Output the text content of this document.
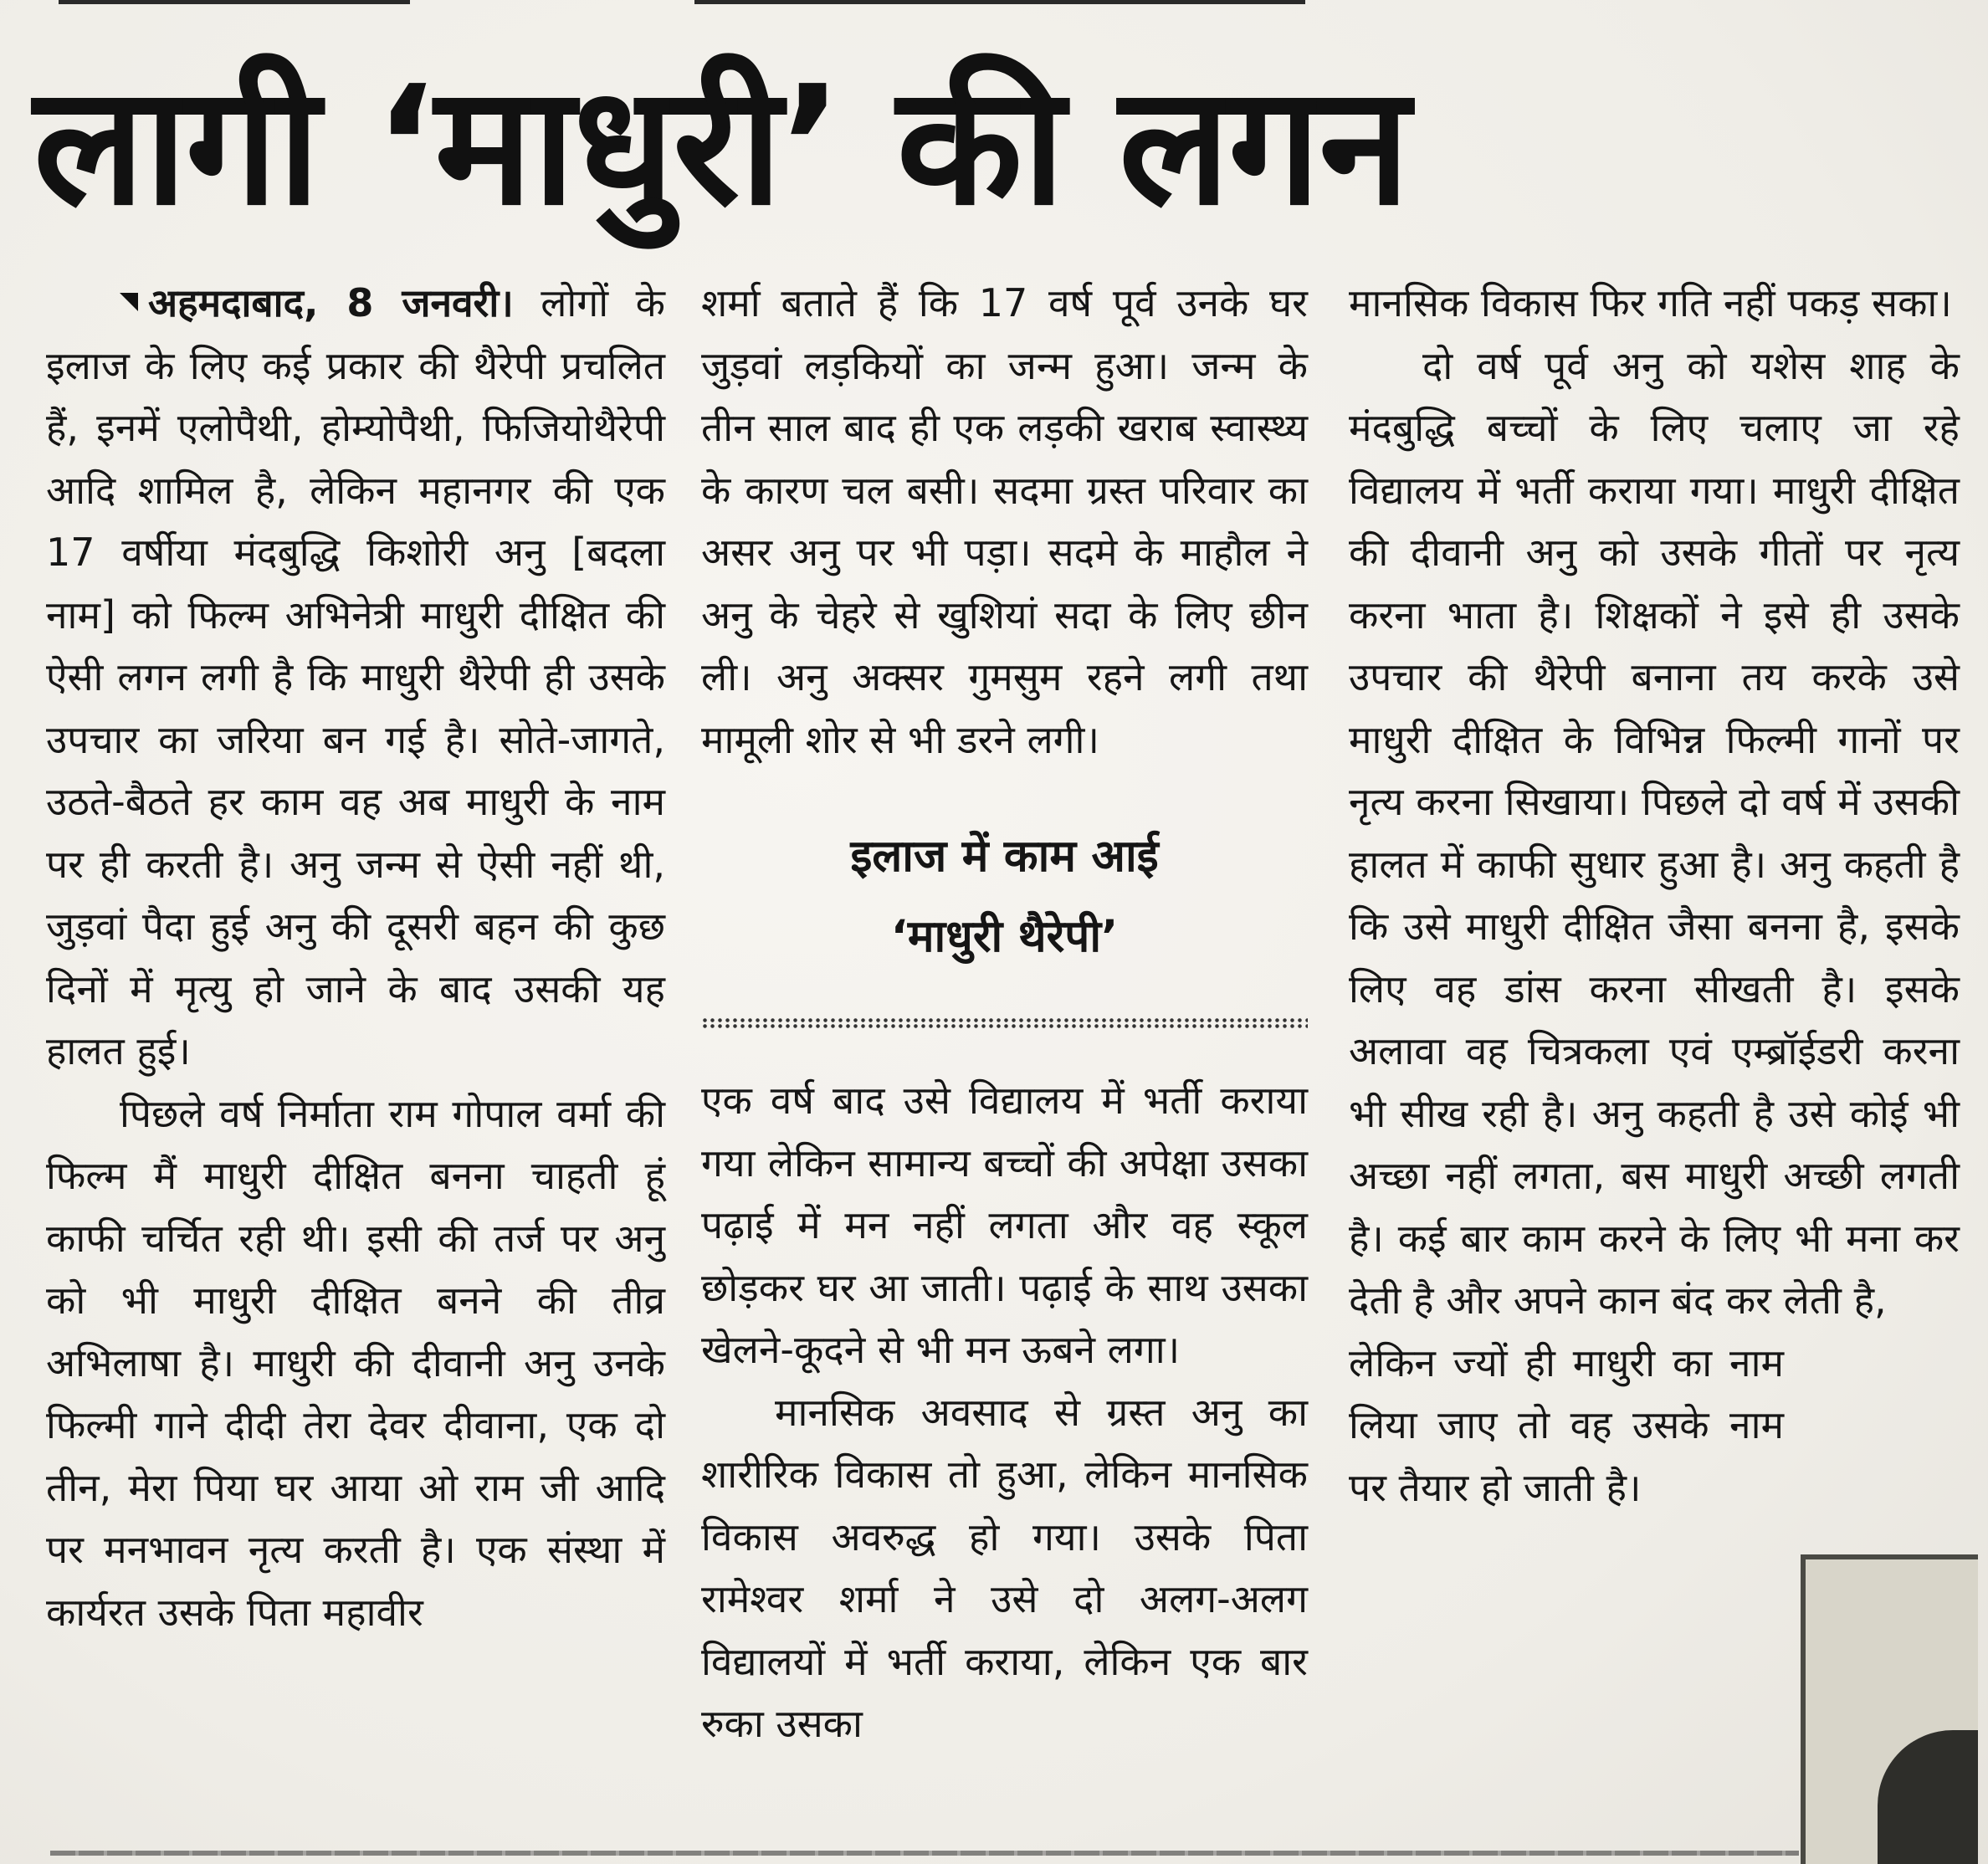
लागी ‘माधुरी’ की लगन

अहमदाबाद, 8 जनवरी। लोगों के इलाज के लिए कई प्रकार की थैरेपी प्रचलित हैं, इनमें एलोपैथी, होम्योपैथी, फिजियोथैरेपी आदि शामिल है, लेकिन महानगर की एक 17 वर्षीया मंदबुद्धि किशोरी अनु [बदला नाम] को फिल्म अभिनेत्री माधुरी दीक्षित की ऐसी लगन लगी है कि माधुरी थैरेपी ही उसके उपचार का जरिया बन गई है। सोते-जागते, उठते-बैठते हर काम वह अब माधुरी के नाम पर ही करती है। अनु जन्म से ऐसी नहीं थी, जुड़वां पैदा हुई अनु की दूसरी बहन की कुछ दिनों में मृत्यु हो जाने के बाद उसकी यह हालत हुई।

पिछले वर्ष निर्माता राम गोपाल वर्मा की फिल्म मैं माधुरी दीक्षित बनना चाहती हूं काफी चर्चित रही थी। इसी की तर्ज पर अनु को भी माधुरी दीक्षित बनने की तीव्र अभिलाषा है। माधुरी की दीवानी अनु उनके फिल्मी गाने दीदी तेरा देवर दीवाना, एक दो तीन, मेरा पिया घर आया ओ राम जी आदि पर मनभावन नृत्य करती है। एक संस्था में कार्यरत उसके पिता महावीर

शर्मा बताते हैं कि 17 वर्ष पूर्व उनके घर जुड़वां लड़कियों का जन्म हुआ। जन्म के तीन साल बाद ही एक लड़की खराब स्वास्थ्य के कारण चल बसी। सदमा ग्रस्त परिवार का असर अनु पर भी पड़ा। सदमे के माहौल ने अनु के चेहरे से खुशियां सदा के लिए छीन ली। अनु अक्सर गुमसुम रहने लगी तथा मामूली शोर से भी डरने लगी।

इलाज में काम आई
‘माधुरी थैरेपी’

एक वर्ष बाद उसे विद्यालय में भर्ती कराया गया लेकिन सामान्य बच्चों की अपेक्षा उसका पढ़ाई में मन नहीं लगता और वह स्कूल छोड़कर घर आ जाती। पढ़ाई के साथ उसका खेलने-कूदने से भी मन ऊबने लगा।

मानसिक अवसाद से ग्रस्त अनु का शारीरिक विकास तो हुआ, लेकिन मानसिक विकास अवरुद्ध हो गया। उसके पिता रामेश्वर शर्मा ने उसे दो अलग-अलग विद्यालयों में भर्ती कराया, लेकिन एक बार रुका उसका

मानसिक विकास फिर गति नहीं पकड़ सका।

दो वर्ष पूर्व अनु को यशेस शाह के मंदबुद्धि बच्चों के लिए चलाए जा रहे विद्यालय में भर्ती कराया गया। माधुरी दीक्षित की दीवानी अनु को उसके गीतों पर नृत्य करना भाता है। शिक्षकों ने इसे ही उसके उपचार की थैरेपी बनाना तय करके उसे माधुरी दीक्षित के विभिन्न फिल्मी गानों पर नृत्य करना सिखाया। पिछले दो वर्ष में उसकी हालत में काफी सुधार हुआ है। अनु कहती है कि उसे माधुरी दीक्षित जैसा बनना है, इसके लिए वह डांस करना सीखती है। इसके अलावा वह चित्रकला एवं एम्ब्रॉईडरी करना भी सीख रही है। अनु कहती है उसे कोई भी अच्छा नहीं लगता, बस माधुरी अच्छी लगती है। कई बार काम करने के लिए भी मना कर देती है और अपने कान बंद कर लेती है,

लेकिन ज्यों ही माधुरी का नाम लिया जाए तो वह उसके नाम पर तैयार हो जाती है।
